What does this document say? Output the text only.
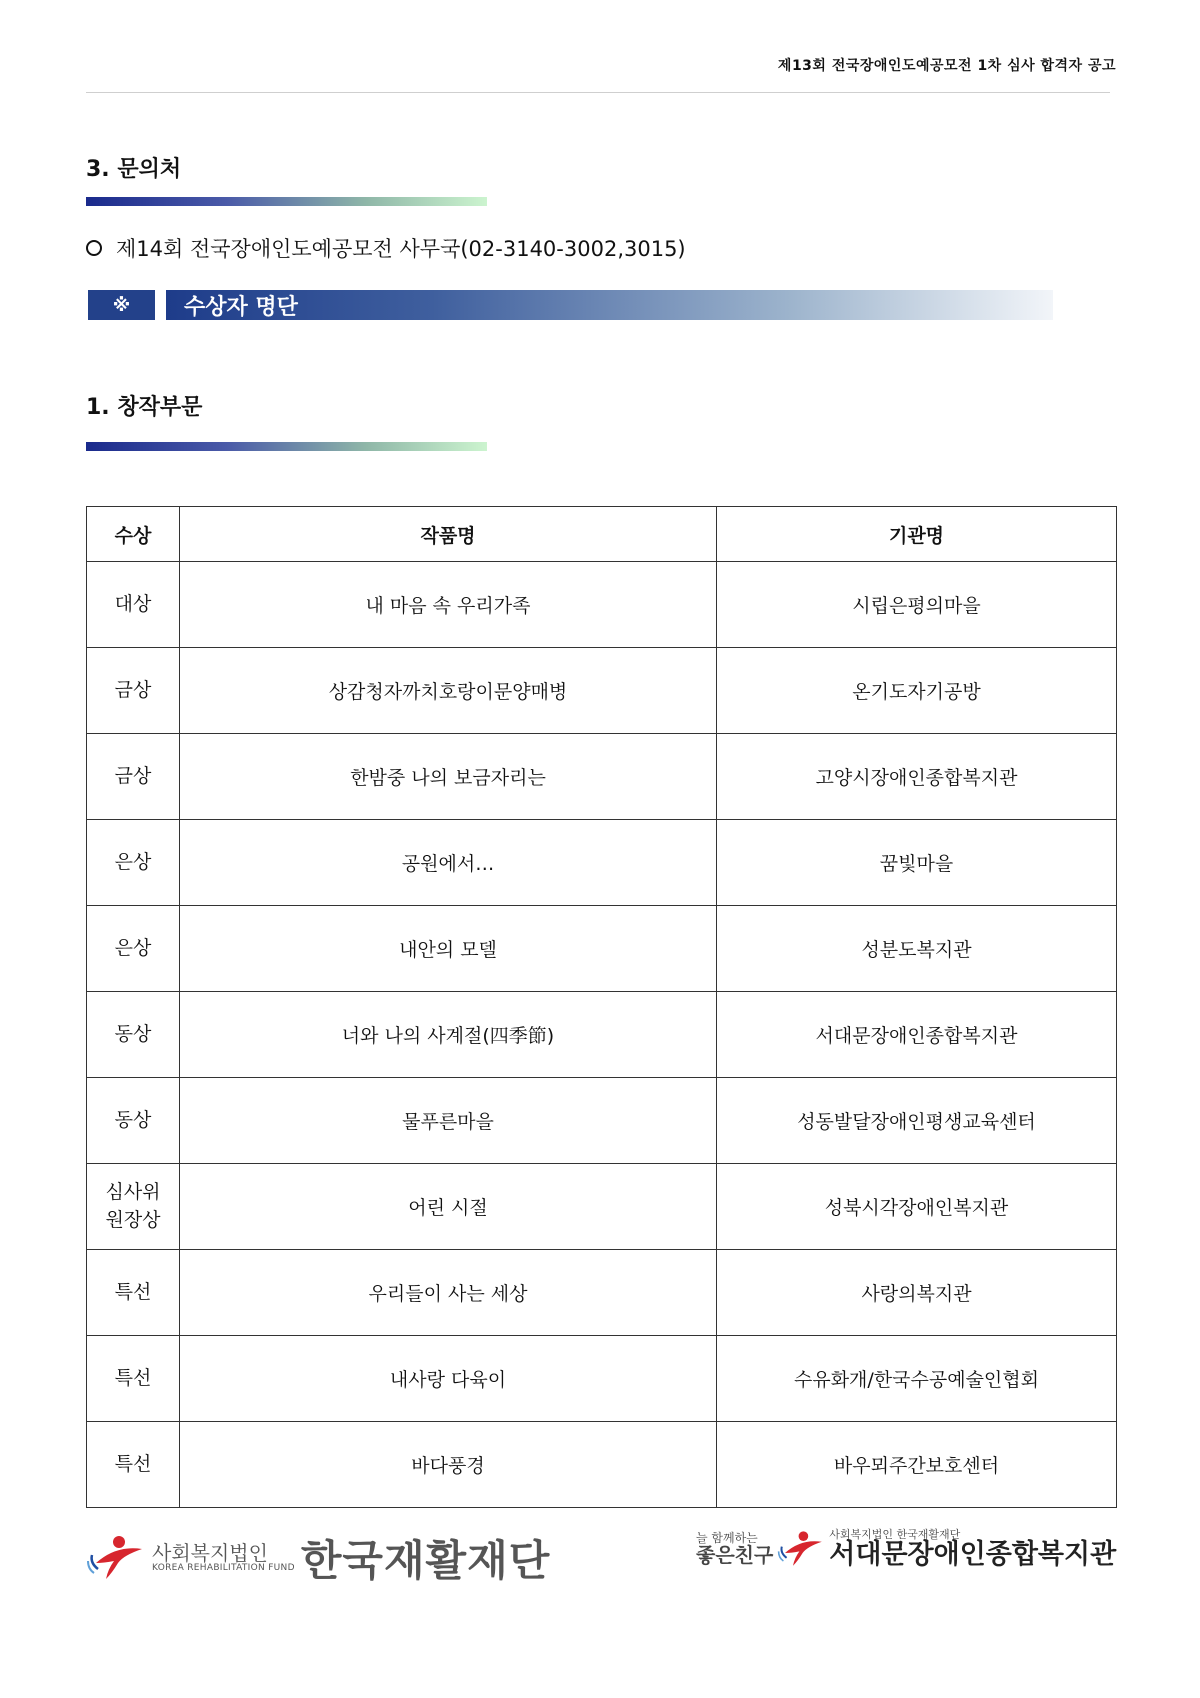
제13회 전국장애인도예공모전 1차 심사 합격자 공고
3. 문의처
제14회 전국장애인도예공모전 사무국(02-3140-3002,3015)
※	수상자 명단
1. 창작부문
수상	작품명	기관명
대상	내 마음 속 우리가족	시립은평의마을
금상	상감청자까치호랑이문양매병	온기도자기공방
금상	한밤중 나의 보금자리는	고양시장애인종합복지관
은상	공원에서…	꿈빛마을
은상	내안의 모델	성분도복지관
동상	너와 나의 사계절(四季節)	서대문장애인종합복지관
동상	물푸른마을	성동발달장애인평생교육센터
심사위
원장상	어린 시절	성북시각장애인복지관
특선	우리들이 사는 세상	사랑의복지관
특선	내사랑 다육이	수유화개/한국수공예술인협회
특선	바다풍경	바우뫼주간보호센터
사회복지법인
KOREA REHABILITATION FUND 한국재활재단	늘 함께하는
좋은친구
사회복지법인 한국재활재단
서대문장애인종합복지관
